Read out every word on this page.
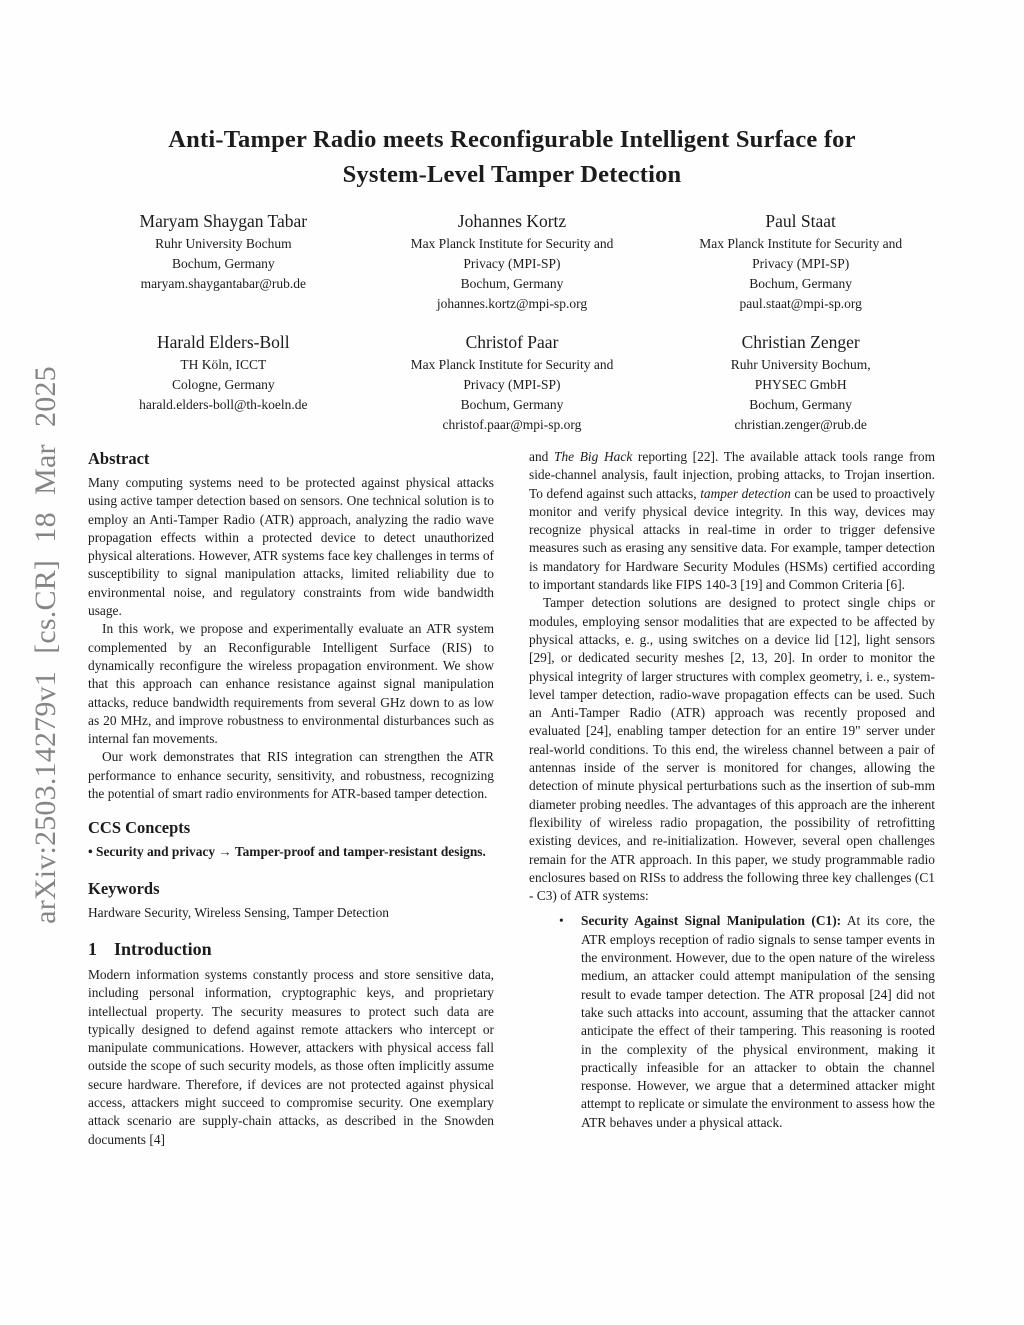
arXiv:2503.14279v1 [cs.CR] 18 Mar 2025
Anti-Tamper Radio meets Reconfigurable Intelligent Surface for
System-Level Tamper Detection
Maryam Shaygan Tabar
Ruhr University Bochum
Bochum, Germany
maryam.shaygantabar@rub.de
Johannes Kortz
Max Planck Institute for Security and
Privacy (MPI-SP)
Bochum, Germany
johannes.kortz@mpi-sp.org
Paul Staat
Max Planck Institute for Security and
Privacy (MPI-SP)
Bochum, Germany
paul.staat@mpi-sp.org
Harald Elders-Boll
TH Köln, ICCT
Cologne, Germany
harald.elders-boll@th-koeln.de
Christof Paar
Max Planck Institute for Security and
Privacy (MPI-SP)
Bochum, Germany
christof.paar@mpi-sp.org
Christian Zenger
Ruhr University Bochum,
PHYSEC GmbH
Bochum, Germany
christian.zenger@rub.de
Abstract

Many computing systems need to be protected against physical attacks using active tamper detection based on sensors. One technical solution is to employ an Anti-Tamper Radio (ATR) approach, analyzing the radio wave propagation effects within a protected device to detect unauthorized physical alterations. However, ATR systems face key challenges in terms of susceptibility to signal manipulation attacks, limited reliability due to environmental noise, and regulatory constraints from wide bandwidth usage.

In this work, we propose and experimentally evaluate an ATR system complemented by an Reconfigurable Intelligent Surface (RIS) to dynamically reconfigure the wireless propagation environment. We show that this approach can enhance resistance against signal manipulation attacks, reduce bandwidth requirements from several GHz down to as low as 20 MHz, and improve robustness to environmental disturbances such as internal fan movements.

Our work demonstrates that RIS integration can strengthen the ATR performance to enhance security, sensitivity, and robustness, recognizing the potential of smart radio environments for ATR-based tamper detection.

CCS Concepts

• Security and privacy → Tamper-proof and tamper-resistant designs.

Keywords

Hardware Security, Wireless Sensing, Tamper Detection

1 Introduction

Modern information systems constantly process and store sensitive data, including personal information, cryptographic keys, and proprietary intellectual property. The security measures to protect such data are typically designed to defend against remote attackers who intercept or manipulate communications. However, attackers with physical access fall outside the scope of such security models, as those often implicitly assume secure hardware. Therefore, if devices are not protected against physical access, attackers might succeed to compromise security. One exemplary attack scenario are supply-chain attacks, as described in the Snowden documents [4]

and The Big Hack reporting [22]. The available attack tools range from side-channel analysis, fault injection, probing attacks, to Trojan insertion. To defend against such attacks, tamper detection can be used to proactively monitor and verify physical device integrity. In this way, devices may recognize physical attacks in real-time in order to trigger defensive measures such as erasing any sensitive data. For example, tamper detection is mandatory for Hardware Security Modules (HSMs) certified according to important standards like FIPS 140-3 [19] and Common Criteria [6].

Tamper detection solutions are designed to protect single chips or modules, employing sensor modalities that are expected to be affected by physical attacks, e. g., using switches on a device lid [12], light sensors [29], or dedicated security meshes [2, 13, 20]. In order to monitor the physical integrity of larger structures with complex geometry, i. e., system-level tamper detection, radio-wave propagation effects can be used. Such an Anti-Tamper Radio (ATR) approach was recently proposed and evaluated [24], enabling tamper detection for an entire 19" server under real-world conditions. To this end, the wireless channel between a pair of antennas inside of the server is monitored for changes, allowing the detection of minute physical perturbations such as the insertion of sub-mm diameter probing needles. The advantages of this approach are the inherent flexibility of wireless radio propagation, the possibility of retrofitting existing devices, and re-initialization. However, several open challenges remain for the ATR approach. In this paper, we study programmable radio enclosures based on RISs to address the following three key challenges (C1 - C3) of ATR systems:

• Security Against Signal Manipulation (C1): At its core, the ATR employs reception of radio signals to sense tamper events in the environment. However, due to the open nature of the wireless medium, an attacker could attempt manipulation of the sensing result to evade tamper detection. The ATR proposal [24] did not take such attacks into account, assuming that the attacker cannot anticipate the effect of their tampering. This reasoning is rooted in the complexity of the physical environment, making it practically infeasible for an attacker to obtain the channel response. However, we argue that a determined attacker might attempt to replicate or simulate the environment to assess how the ATR behaves under a physical attack.
